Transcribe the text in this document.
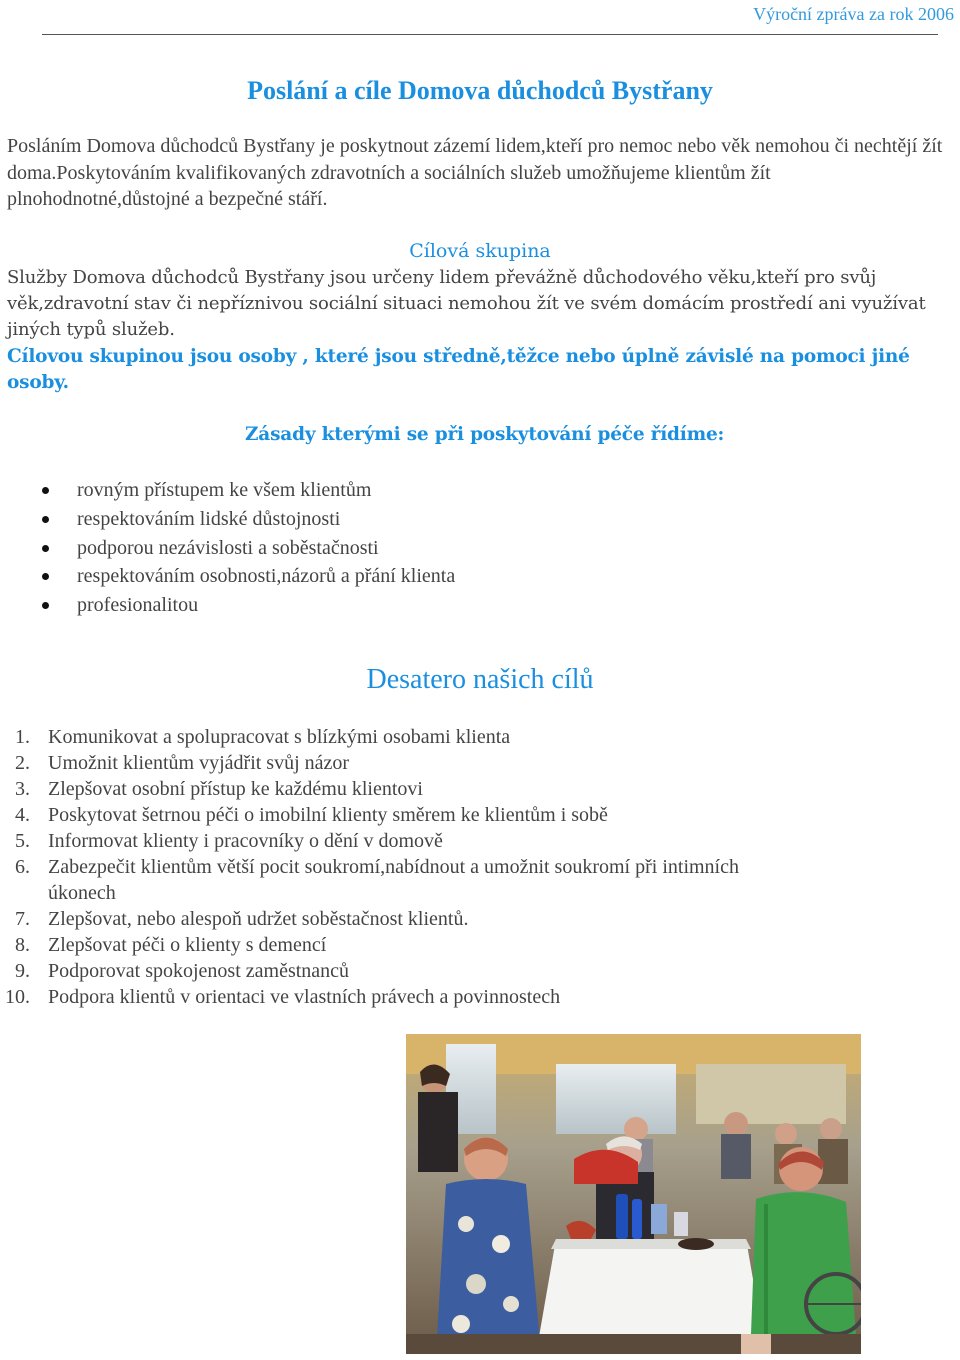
Výroční zpráva za rok 2006
Poslání a cíle Domova důchodců Bystřany

Posláním Domova důchodců Bystřany je poskytnout zázemí lidem,kteří pro nemoc nebo věk nemohou či nechtějí žít doma.Poskytováním kvalifikovaných zdravotních a sociálních služeb umožňujeme klientům žít plnohodnotné,důstojné a bezpečné stáří.

Cílová skupina

Služby Domova důchodců Bystřany jsou určeny lidem převážně důchodového věku,kteří pro svůj věk,zdravotní stav či nepříznivou sociální situaci nemohou žít ve svém domácím prostředí ani využívat jiných typů služeb.

Cílovou skupinou jsou osoby , které jsou středně,těžce nebo úplně závislé na pomoci jiné osoby.

Zásady kterými se při poskytování péče řídíme:
rovným přístupem ke všem klientům
respektováním lidské důstojnosti
podporou nezávislosti a soběstačnosti
respektováním osobnosti,názorů a přání klienta
profesionalitou
Desatero našich cílů
1. Komunikovat a spolupracovat s blízkými osobami klienta
2. Umožnit klientům vyjádřit svůj názor
3. Zlepšovat osobní přístup ke každému klientovi
4. Poskytovat šetrnou péči o imobilní klienty směrem ke klientům i sobě
5. Informovat klienty i pracovníky o dění v domově
6. Zabezpečit klientům větší pocit soukromí,nabídnout a umožnit soukromí při intimních úkonech
7. Zlepšovat, nebo alespoň udržet soběstačnost klientů.
8. Zlepšovat péči o klienty s demencí
9. Podporovat spokojenost zaměstnanců
10. Podpora klientů v orientaci ve vlastních právech a povinnostech
